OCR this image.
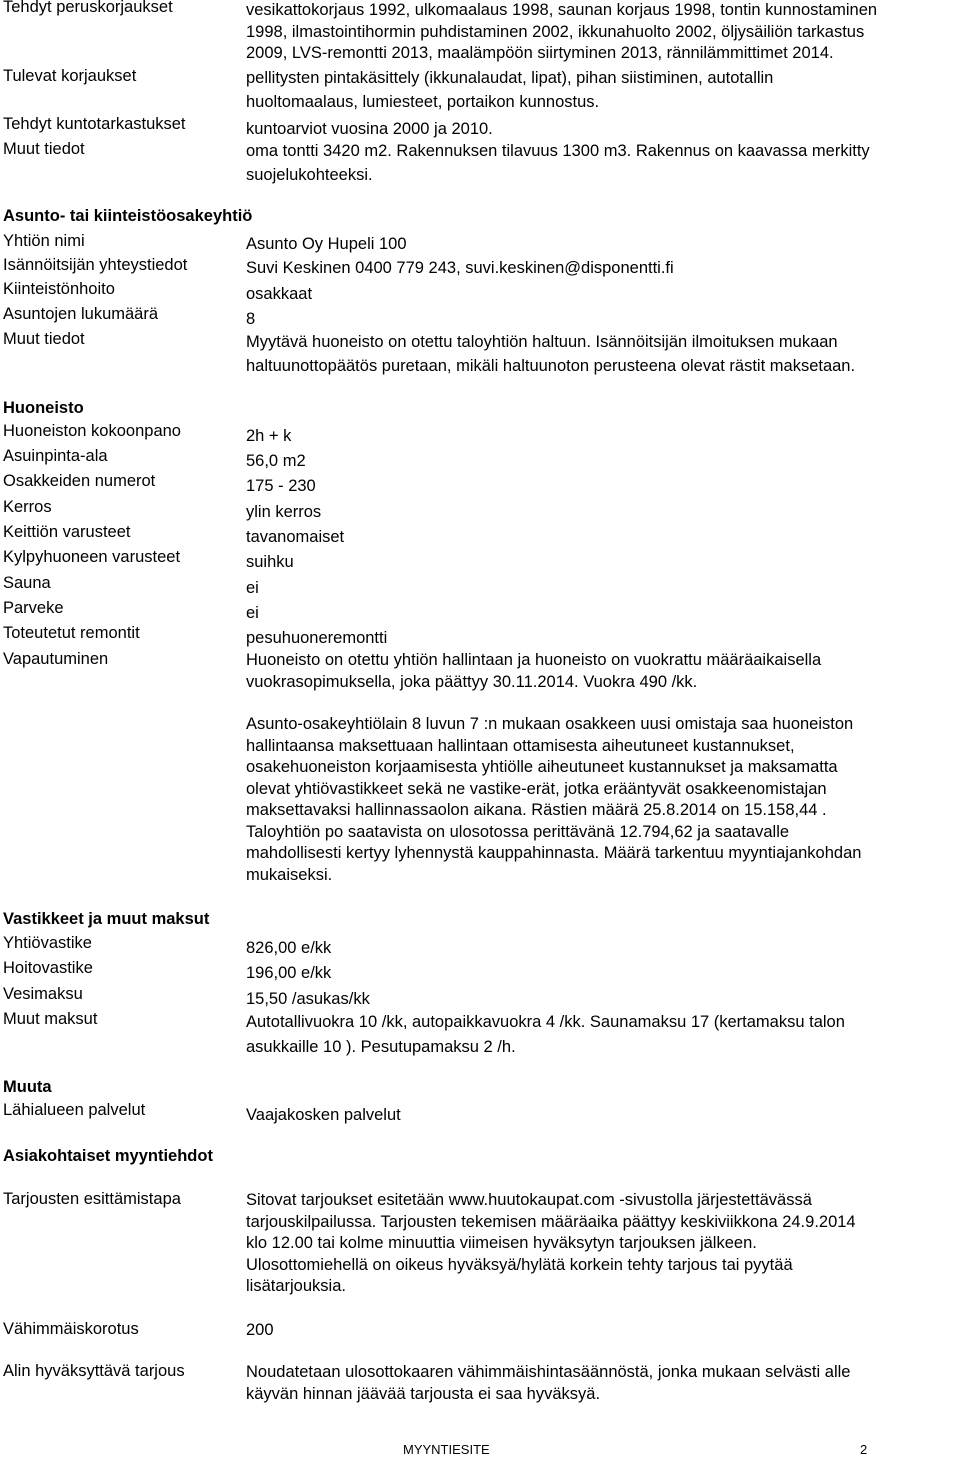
Tehdyt peruskorjaukset	vesikattokorjaus 1992, ulkomaalaus 1998, saunan korjaus 1998, tontin kunnostaminen
1998, ilmastointihormin puhdistaminen 2002, ikkunahuolto 2002, öljysäiliön tarkastus
2009, LVS-remontti 2013, maalämpöön siirtyminen 2013, rännilämmittimet 2014.
Tulevat korjaukset	pellitysten pintakäsittely (ikkunalaudat, lipat), pihan siistiminen, autotallin
huoltomaalaus, lumiesteet, portaikon kunnostus.
Tehdyt kuntotarkastukset	kuntoarviot vuosina 2000 ja 2010.
Muut tiedot	oma tontti 3420 m2. Rakennuksen tilavuus 1300 m3. Rakennus on kaavassa merkitty
suojelukohteeksi.
Asunto- tai kiinteistöosakeyhtiö
Yhtiön nimi	Asunto Oy Hupeli 100
Isännöitsijän yhteystiedot	Suvi Keskinen 0400 779 243, suvi.keskinen@disponentti.fi
Kiinteistönhoito	osakkaat
Asuntojen lukumäärä	8
Muut tiedot	Myytävä huoneisto on otettu taloyhtiön haltuun. Isännöitsijän ilmoituksen mukaan
haltuunottopäätös puretaan, mikäli haltuunoton perusteena olevat rästit maksetaan.
Huoneisto
Huoneiston kokoonpano	2h + k
Asuinpinta-ala	56,0 m2
Osakkeiden numerot	175 - 230
Kerros	ylin kerros
Keittiön varusteet	tavanomaiset
Kylpyhuoneen varusteet	suihku
Sauna	ei
Parveke	ei
Toteutetut remontit	pesuhuoneremontti
Vapautuminen	Huoneisto on otettu yhtiön hallintaan ja huoneisto on vuokrattu määräaikaisella
vuokrasopimuksella, joka päättyy 30.11.2014. Vuokra 490 /kk.
Asunto-osakeyhtiölain 8 luvun 7 :n mukaan osakkeen uusi omistaja saa huoneiston
hallintaansa maksettuaan hallintaan ottamisesta aiheutuneet kustannukset,
osakehuoneiston korjaamisesta yhtiölle aiheutuneet kustannukset ja maksamatta
olevat yhtiövastikkeet sekä ne vastike-erät, jotka erääntyvät osakkeenomistajan
maksettavaksi hallinnassaolon aikana. Rästien määrä 25.8.2014 on 15.158,44 .
Taloyhtiön po saatavista on ulosotossa perittävänä 12.794,62 ja saatavalle
mahdollisesti kertyy lyhennystä kauppahinnasta. Määrä tarkentuu myyntiajankohdan
mukaiseksi.
Vastikkeet ja muut maksut
Yhtiövastike	826,00 e/kk
Hoitovastike	196,00 e/kk
Vesimaksu	15,50 /asukas/kk
Muut maksut	Autotallivuokra 10 /kk, autopaikkavuokra 4 /kk. Saunamaksu 17 (kertamaksu talon
asukkaille 10 ). Pesutupamaksu 2 /h.
Muuta
Lähialueen palvelut	Vaajakosken palvelut
Asiakohtaiset myyntiehdot
Tarjousten esittämistapa	Sitovat tarjoukset esitetään www.huutokaupat.com -sivustolla järjestettävässä
tarjouskilpailussa. Tarjousten tekemisen määräaika päättyy keskiviikkona 24.9.2014
klo 12.00 tai kolme minuuttia viimeisen hyväksytyn tarjouksen jälkeen.
Ulosottomiehellä on oikeus hyväksyä/hylätä korkein tehty tarjous tai pyytää
lisätarjouksia.
Vähimmäiskorotus	200
Alin hyväksyttävä tarjous	Noudatetaan ulosottokaaren vähimmäishintasäännöstä, jonka mukaan selvästi alle
käyvän hinnan jäävää tarjousta ei saa hyväksyä.
MYYNTIESITE	2
